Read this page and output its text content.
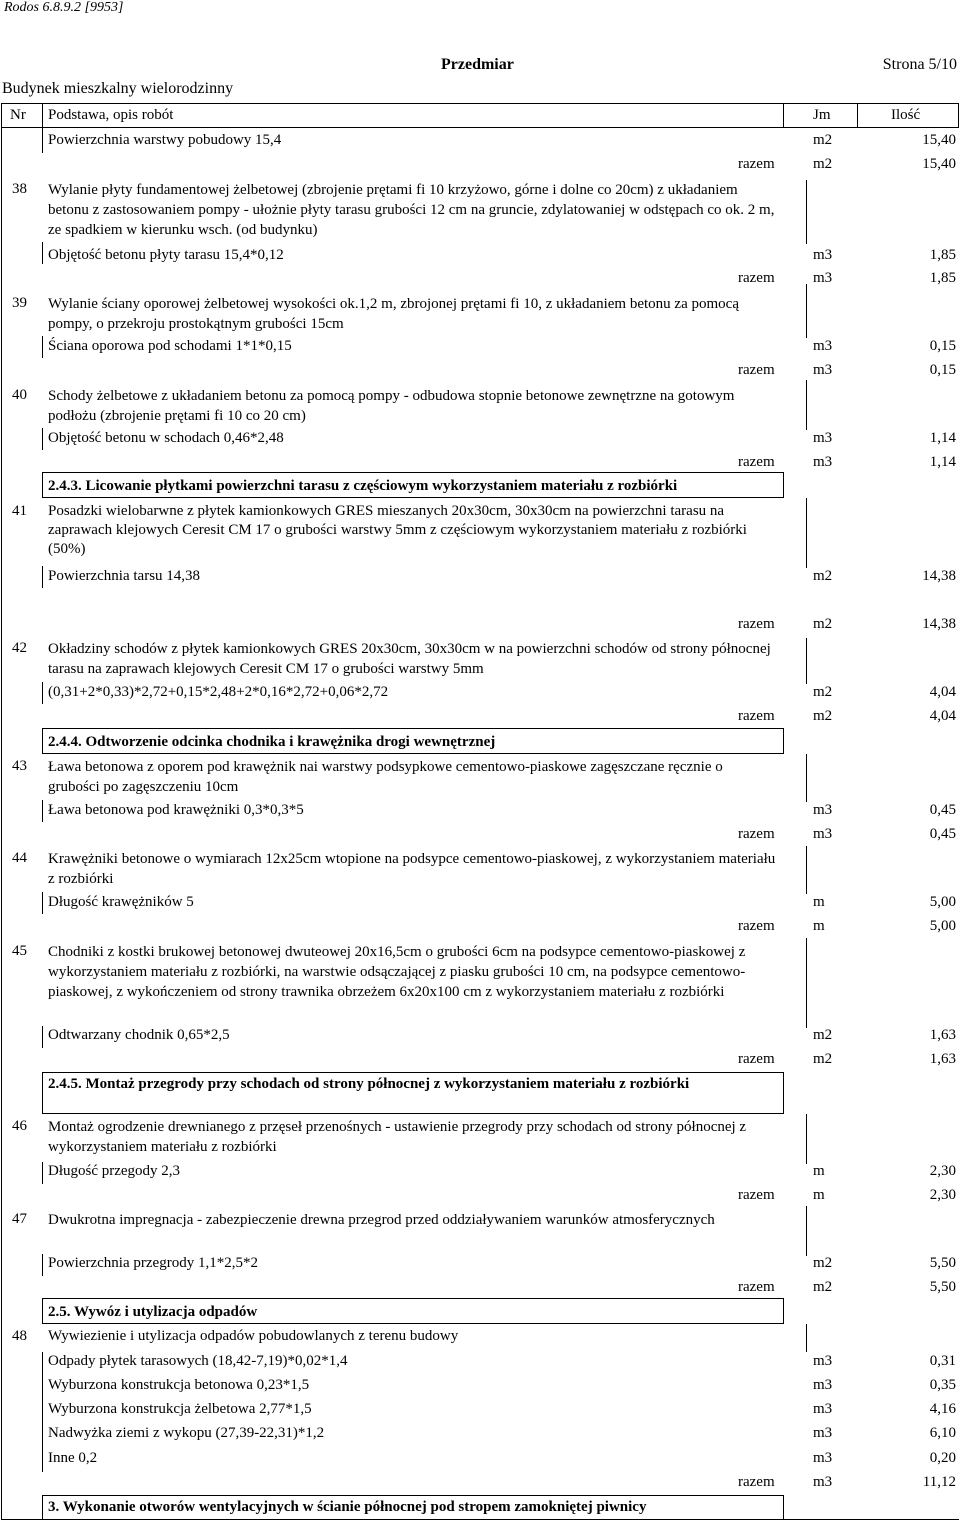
Rodos 6.8.9.2 [9953]
Przedmiar	Strona 5/10
Budynek mieszkalny wielorodzinny
Nr Podstawa, opis robót	Jm	Ilość
Powierzchnia warstwy pobudowy 15,4	m2	15,40
razem	m2	15,40
38 Wylanie płyty fundamentowej żelbetowej (zbrojenie prętami fi 10 krzyżowo, górne i dolne co 20cm) z układaniem betonu z zastosowaniem pompy - ułożnie płyty tarasu grubości 12 cm na gruncie, zdylatowaniej w odstępach co ok. 2 m, ze spadkiem w kierunku wsch. (od budynku)
Objętość betonu płyty tarasu 15,4*0,12	m3	1,85
razem	m3	1,85
39 Wylanie ściany oporowej żelbetowej wysokości ok.1,2 m, zbrojonej prętami fi 10, z układaniem betonu za pomocą pompy, o przekroju prostokątnym grubości 15cm
Ściana oporowa pod schodami 1*1*0,15	m3	0,15
razem	m3	0,15
40 Schody żelbetowe z układaniem betonu za pomocą pompy - odbudowa stopnie betonowe zewnętrzne na gotowym podłożu (zbrojenie prętami fi 10 co 20 cm)
Objętość betonu w schodach 0,46*2,48	m3	1,14
razem	m3	1,14
2.4.3. Licowanie płytkami powierzchni tarasu z częściowym wykorzystaniem materiału z rozbiórki
41 Posadzki wielobarwne z płytek kamionkowych GRES mieszanych 20x30cm, 30x30cm na powierzchni tarasu na zaprawach klejowych Ceresit CM 17 o grubości warstwy 5mm z częściowym wykorzystaniem materiału z rozbiórki (50%)
Powierzchnia tarsu 14,38	m2	14,38
razem	m2	14,38
42 Okładziny schodów z płytek kamionkowych GRES 20x30cm, 30x30cm w na powierzchni schodów od strony północnej tarasu na zaprawach klejowych Ceresit CM 17 o grubości warstwy 5mm
(0,31+2*0,33)*2,72+0,15*2,48+2*0,16*2,72+0,06*2,72	m2	4,04
razem	m2	4,04
2.4.4. Odtworzenie odcinka chodnika i krawężnika drogi wewnętrznej
43 Ława betonowa z oporem pod krawężnik nai warstwy podsypkowe cementowo-piaskowe zagęszczane ręcznie o grubości po zagęszczeniu 10cm
Ława betonowa pod krawężniki 0,3*0,3*5	m3	0,45
razem	m3	0,45
44 Krawężniki betonowe o wymiarach 12x25cm wtopione na podsypce cementowo-piaskowej, z wykorzystaniem materiału z rozbiórki
Długość krawężników 5	m	5,00
razem	m	5,00
45 Chodniki z kostki brukowej betonowej dwuteowej 20x16,5cm o grubości 6cm na podsypce cementowo-piaskowej z wykorzystaniem materiału z rozbiórki, na warstwie odsączającej z piasku grubości 10 cm, na podsypce cementowo-piaskowej, z wykończeniem od strony trawnika obrzeżem 6x20x100 cm z wykorzystaniem materiału z rozbiórki
Odtwarzany chodnik 0,65*2,5	m2	1,63
razem	m2	1,63
2.4.5. Montaż przegrody przy schodach od strony północnej z wykorzystaniem materiału z rozbiórki
46 Montaż ogrodzenie drewnianego z przęseł przenośnych - ustawienie przegrody przy schodach od strony północnej z wykorzystaniem materiału z rozbiórki
Długość przegody 2,3	m	2,30
razem	m	2,30
47 Dwukrotna impregnacja - zabezpieczenie drewna przegrod przed oddziaływaniem warunków atmosferycznych
Powierzchnia przegrody 1,1*2,5*2	m2	5,50
razem	m2	5,50
2.5. Wywóz i utylizacja odpadów
48 Wywiezienie i utylizacja odpadów pobudowlanych z terenu budowy
Odpady płytek tarasowych (18,42-7,19)*0,02*1,4	m3	0,31
Wyburzona konstrukcja betonowa 0,23*1,5	m3	0,35
Wyburzona konstrukcja żelbetowa 2,77*1,5	m3	4,16
Nadwyżka ziemi z wykopu (27,39-22,31)*1,2	m3	6,10
Inne 0,2	m3	0,20
razem	m3	11,12
3. Wykonanie otworów wentylacyjnych w ścianie północnej pod stropem zamokniętej piwnicy
